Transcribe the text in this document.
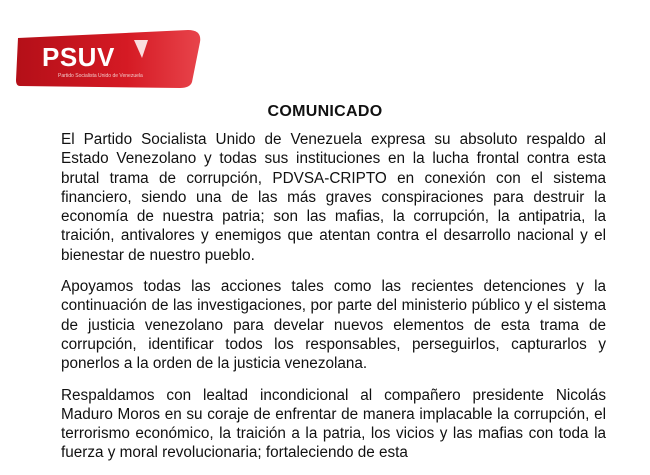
PSUV
Partido Socialista Unido de Venezuela
COMUNICADO

El Partido Socialista Unido de Venezuela expresa su absoluto respaldo al Estado Venezolano y todas sus instituciones en la lucha frontal contra esta brutal trama de corrupción, PDVSA-CRIPTO en conexión con el sistema financiero, siendo una de las más graves conspiraciones para destruir la economía de nuestra patria; son las mafias, la corrupción, la antipatria, la traición, antivalores y enemigos que atentan contra el desarrollo nacional y el bienestar de nuestro pueblo.

Apoyamos todas las acciones tales como las recientes detenciones y la continuación de las investigaciones, por parte del ministerio público y el sistema de justicia venezolano para develar nuevos elementos de esta trama de corrupción, identificar todos los responsables, perseguirlos, capturarlos y ponerlos a la orden de la justicia venezolana.

Respaldamos con lealtad incondicional al compañero presidente Nicolás Maduro Moros en su coraje de enfrentar de manera implacable la corrupción, el terrorismo económico, la traición a la patria, los vicios y las mafias con toda la fuerza y moral revolucionaria; fortaleciendo de esta
